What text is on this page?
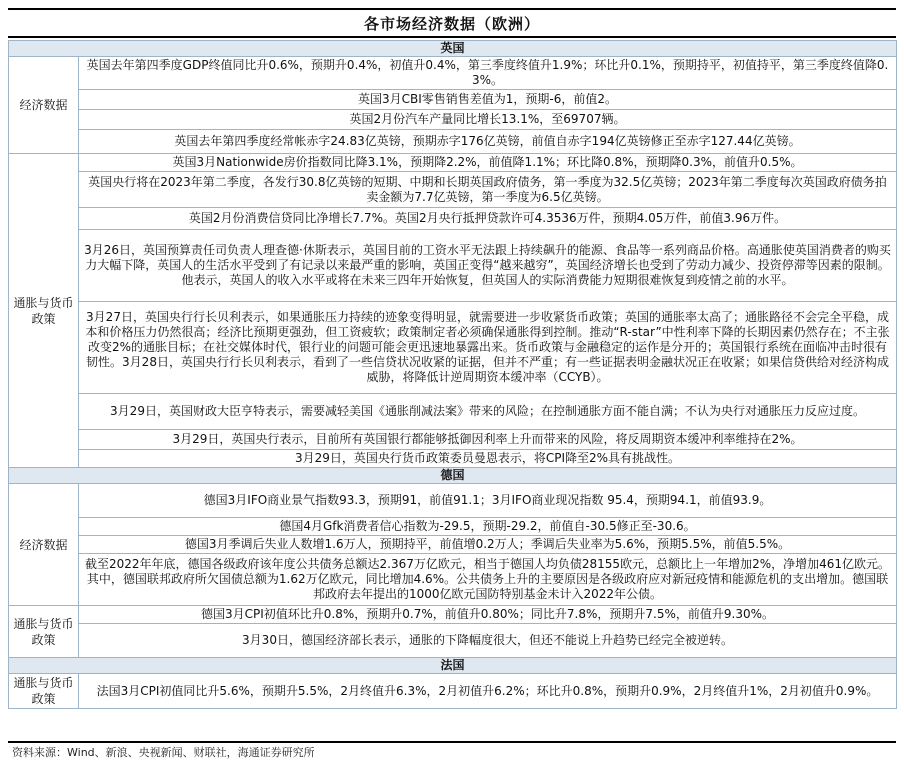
各市场经济数据（欧洲）
英国	
经济数据	英国去年第四季度GDP终值同比升0.6%，预期升0.4%，初值升0.4%，第三季度终值升1.9%；环比升0.1%，预期持平，初值持平，第三季度终值降0.3%。
	英国3月CBI零售销售差值为1，预期-6，前值2。
	英国2月份汽车产量同比增长13.1%，至69707辆。
	英国去年第四季度经常帐赤字24.83亿英镑，预期赤字176亿英镑，前值自赤字194亿英镑修正至赤字127.44亿英镑。
通胀与货币政策	英国3月Nationwide房价指数同比降3.1%，预期降2.2%，前值降1.1%；环比降0.8%，预期降0.3%，前值升0.5%。
	英国央行将在2023年第二季度，各发行30.8亿英镑的短期、中期和长期英国政府债务，第一季度为32.5亿英镑；2023年第二季度每次英国政府债务拍卖金额为7.7亿英镑，第一季度为6.5亿英镑。
	英国2月份消费信贷同比净增长7.7%。英国2月央行抵押贷款许可4.3536万件，预期4.05万件，前值3.96万件。
	3月26日，英国预算责任司负责人理查德·休斯表示，英国目前的工资水平无法跟上持续飙升的能源、食品等一系列商品价格。高通胀使英国消费者的购买力大幅下降，英国人的生活水平受到了有记录以来最严重的影响，英国正变得“越来越穷”，英国经济增长也受到了劳动力减少、投资停滞等因素的限制。他表示，英国人的收入水平或将在未来三四年开始恢复，但英国人的实际消费能力短期很难恢复到疫情之前的水平。
	3月27日，英国央行行长贝利表示，如果通胀压力持续的迹象变得明显，就需要进一步收紧货币政策；英国的通胀率太高了；通胀路径不会完全平稳，成本和价格压力仍然很高；经济比预期更强劲，但工资疲软；政策制定者必须确保通胀得到控制。推动“R-star”中性利率下降的长期因素仍然存在；不主张改变2%的通胀目标；在社交媒体时代，银行业的问题可能会更迅速地暴露出来。货币政策与金融稳定的运作是分开的；英国银行系统在面临冲击时很有韧性。3月28日，英国央行行长贝利表示，看到了一些信贷状况收紧的证据，但并不严重；有一些证据表明金融状况正在收紧；如果信贷供给对经济构成威胁，将降低计逆周期资本缓冲率（CCYB）。
	3月29日，英国财政大臣亨特表示，需要减轻美国《通胀削减法案》带来的风险；在控制通胀方面不能自满；不认为央行对通胀压力反应过度。
	3月29日，英国央行表示，目前所有英国银行都能够抵御因利率上升而带来的风险，将反周期资本缓冲利率维持在2%。
	3月29日，英国央行货币政策委员曼恩表示，将CPI降至2%具有挑战性。
德国	
经济数据	德国3月IFO商业景气指数93.3，预期91，前值91.1；3月IFO商业现况指数 95.4，预期94.1，前值93.9。
	德国4月Gfk消费者信心指数为-29.5，预期-29.2，前值自-30.5修正至-30.6。
	德国3月季调后失业人数增1.6万人，预期持平，前值增0.2万人；季调后失业率为5.6%，预期5.5%，前值5.5%。
	截至2022年年底，德国各级政府该年度公共债务总额达2.367万亿欧元，相当于德国人均负债28155欧元，总额比上一年增加2%，净增加461亿欧元。其中，德国联邦政府所欠国债总额为1.62万亿欧元，同比增加4.6%。公共债务上升的主要原因是各级政府应对新冠疫情和能源危机的支出增加。德国联邦政府去年提出的1000亿欧元国防特别基金未计入2022年公债。
通胀与货币政策	德国3月CPI初值环比升0.8%，预期升0.7%，前值升0.80%；同比升7.8%，预期升7.5%，前值升9.30%。
	3月30日，德国经济部长表示，通胀的下降幅度很大，但还不能说上升趋势已经完全被逆转。
法国	
通胀与货币政策	法国3月CPI初值同比升5.6%，预期升5.5%，2月终值升6.3%，2月初值升6.2%；环比升0.8%，预期升0.9%，2月终值升1%，2月初值升0.9%。
资料来源：Wind、新浪、央视新闻、财联社，海通证券研究所
